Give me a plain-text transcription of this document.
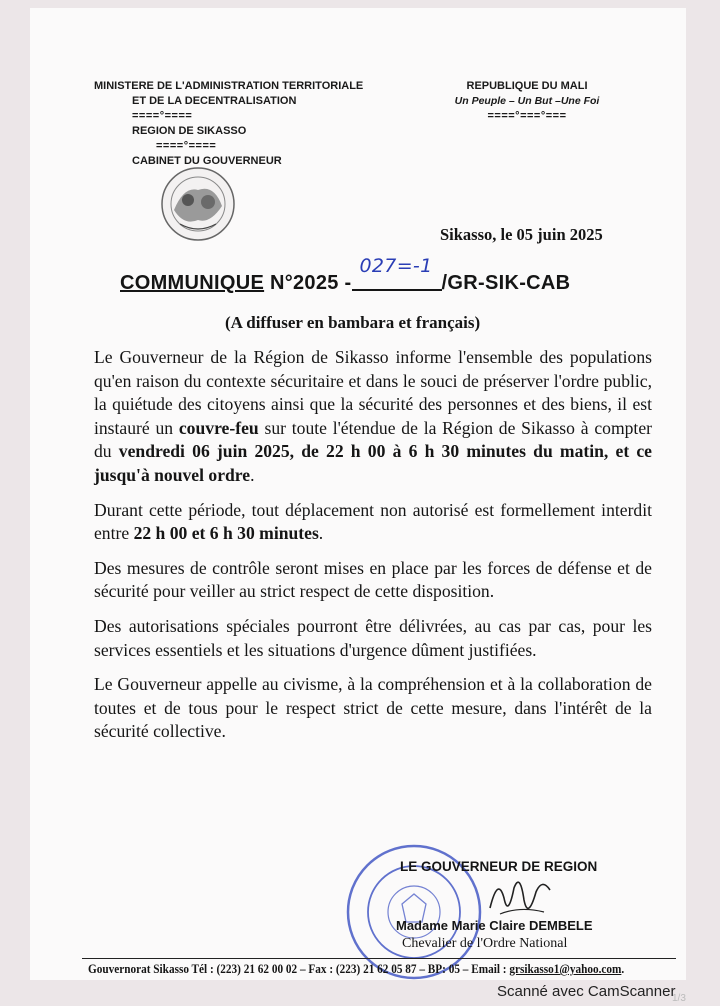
MINISTERE DE L'ADMINISTRATION TERRITORIALE
ET DE LA DECENTRALISATION
====°====
REGION DE SIKASSO
====°====
CABINET DU GOUVERNEUR
REPUBLIQUE DU MALI
Un Peuple – Un But –Une Foi
====°===°===
Sikasso, le 05 juin 2025
COMMUNIQUE N°2025 -
027=-1
/GR-SIK-CAB
(A diffuser en bambara et français)

Le Gouverneur de la Région de Sikasso informe l'ensemble des populations qu'en raison du contexte sécuritaire et dans le souci de préserver l'ordre public, la quiétude des citoyens ainsi que la sécurité des personnes et des biens, il est instauré un couvre-feu sur toute l'étendue de la Région de Sikasso à compter du vendredi 06 juin 2025, de 22 h 00 à 6 h 30 minutes du matin, et ce jusqu'à nouvel ordre.

Durant cette période, tout déplacement non autorisé est formellement interdit entre 22 h 00 et 6 h 30 minutes.

Des mesures de contrôle seront mises en place par les forces de défense et de sécurité pour veiller au strict respect de cette disposition.

Des autorisations spéciales pourront être délivrées, au cas par cas, pour les services essentiels et les situations d'urgence dûment justifiées.

Le Gouverneur appelle au civisme, à la compréhension et à la collaboration de toutes et de tous pour le respect strict de cette mesure, dans l'intérêt de la sécurité collective.

LE GOUVERNEUR DE REGION
Madame Marie Claire DEMBELE
Chevalier de l'Ordre National
Gouvernorat Sikasso Tél : (223) 21 62 00 02 – Fax : (223) 21 62 05 87 – BP: 05 – Email : grsikasso1@yahoo.com.
Scanné avec CamScanner
1/3
